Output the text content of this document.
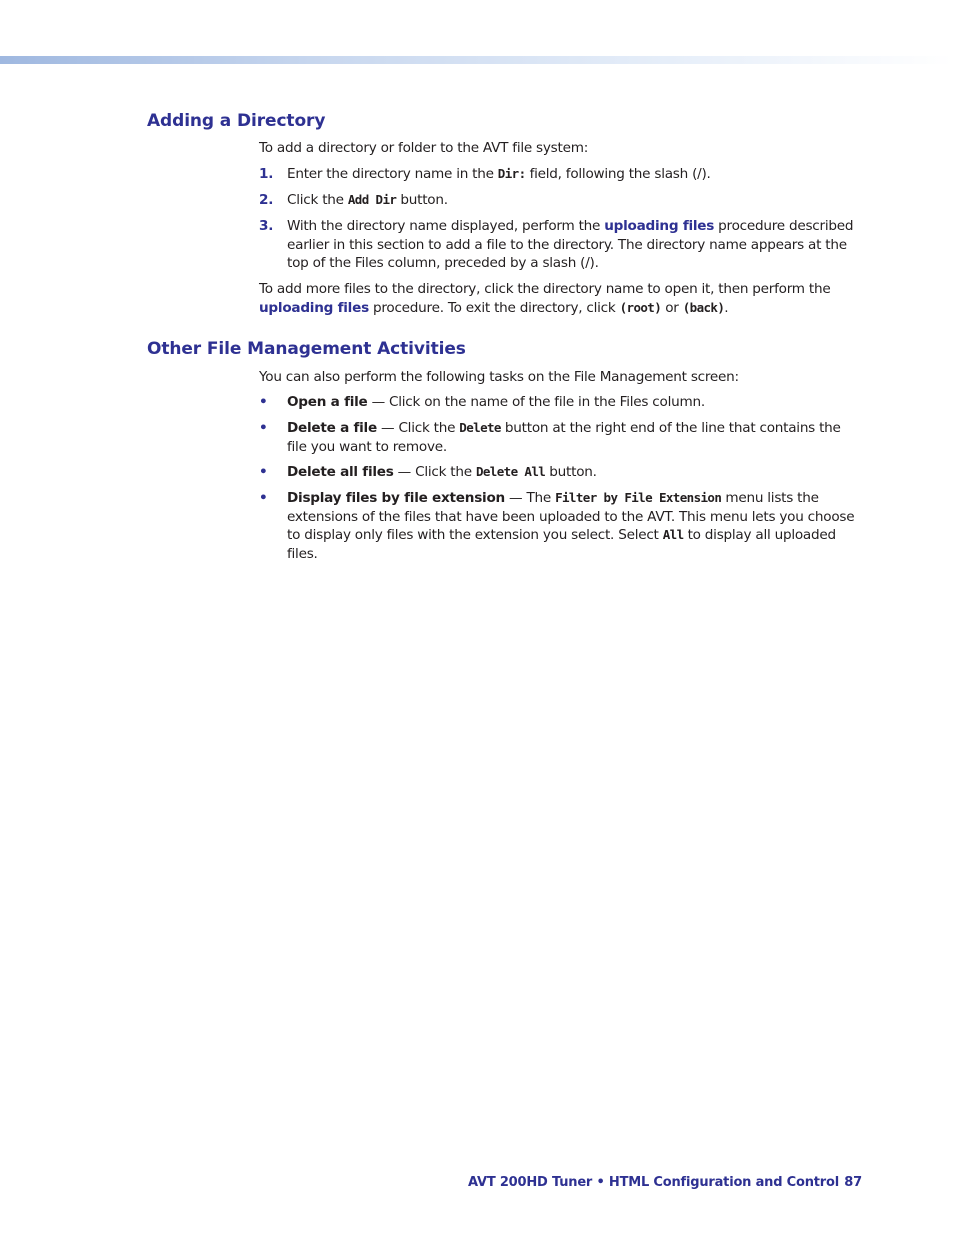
Adding a Directory

To add a directory or folder to the AVT file system:

1.	Enter the directory name in the Dir: field, following the slash (/).
2.	Click the Add Dir button.
3.	With the directory name displayed, perform the uploading files procedure described earlier in this section to add a file to the directory. The directory name appears at the top of the Files column, preceded by a slash (/).

To add more files to the directory, click the directory name to open it, then perform the uploading files procedure. To exit the directory, click (root) or (back).

Other File Management Activities

You can also perform the following tasks on the File Management screen:

•	Open a file — Click on the name of the file in the Files column.
•	Delete a file — Click the Delete button at the right end of the line that contains the file you want to remove.
•	Delete all files — Click the Delete All button.
•	Display files by file extension — The Filter by File Extension menu lists the extensions of the files that have been uploaded to the AVT. This menu lets you choose to display only files with the extension you select. Select All to display all uploaded files.
AVT 200HD Tuner • HTML Configuration and Control 87
